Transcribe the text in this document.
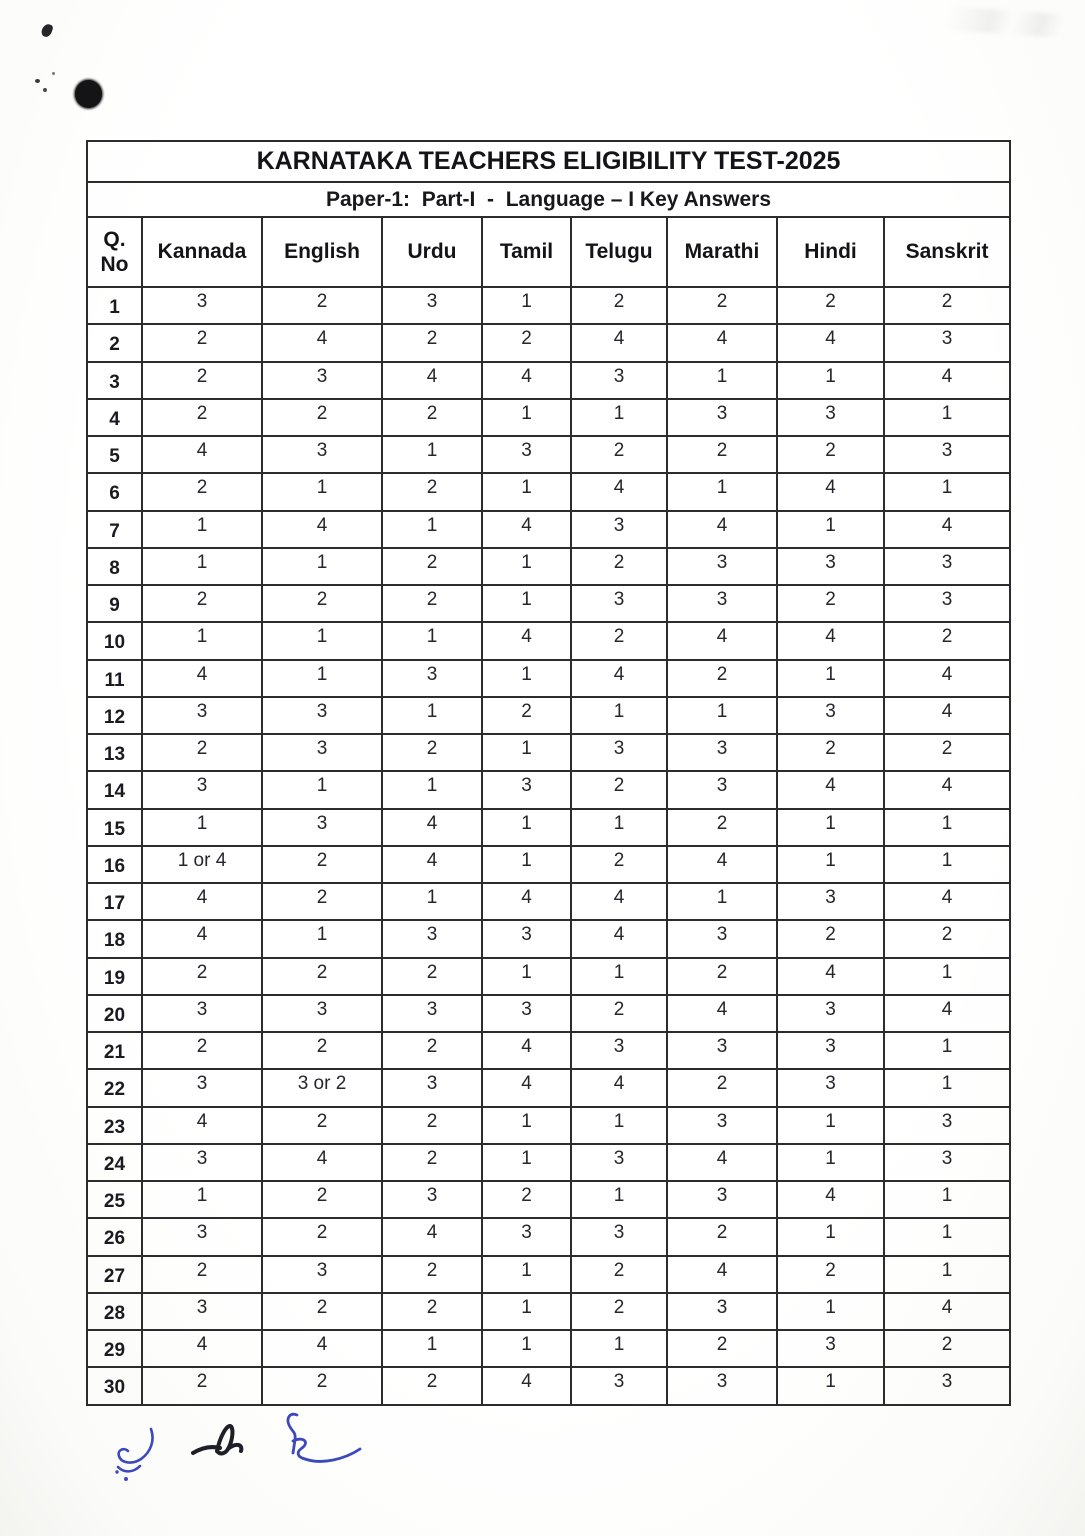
KARNATAKA TEACHERS ELIGIBILITY TEST-2025								
Paper-1:  Part-I  -  Language – I Key Answers								
Q. No	Kannada	English	Urdu	Tamil	Telugu	Marathi	Hindi	Sanskrit
1	3	2	3	1	2	2	2	2
2	2	4	2	2	4	4	4	3
3	2	3	4	4	3	1	1	4
4	2	2	2	1	1	3	3	1
5	4	3	1	3	2	2	2	3
6	2	1	2	1	4	1	4	1
7	1	4	1	4	3	4	1	4
8	1	1	2	1	2	3	3	3
9	2	2	2	1	3	3	2	3
10	1	1	1	4	2	4	4	2
11	4	1	3	1	4	2	1	4
12	3	3	1	2	1	1	3	4
13	2	3	2	1	3	3	2	2
14	3	1	1	3	2	3	4	4
15	1	3	4	1	1	2	1	1
16	1 or 4	2	4	1	2	4	1	1
17	4	2	1	4	4	1	3	4
18	4	1	3	3	4	3	2	2
19	2	2	2	1	1	2	4	1
20	3	3	3	3	2	4	3	4
21	2	2	2	4	3	3	3	1
22	3	3 or 2	3	4	4	2	3	1
23	4	2	2	1	1	3	1	3
24	3	4	2	1	3	4	1	3
25	1	2	3	2	1	3	4	1
26	3	2	4	3	3	2	1	1
27	2	3	2	1	2	4	2	1
28	3	2	2	1	2	3	1	4
29	4	4	1	1	1	2	3	2
30	2	2	2	4	3	3	1	3
